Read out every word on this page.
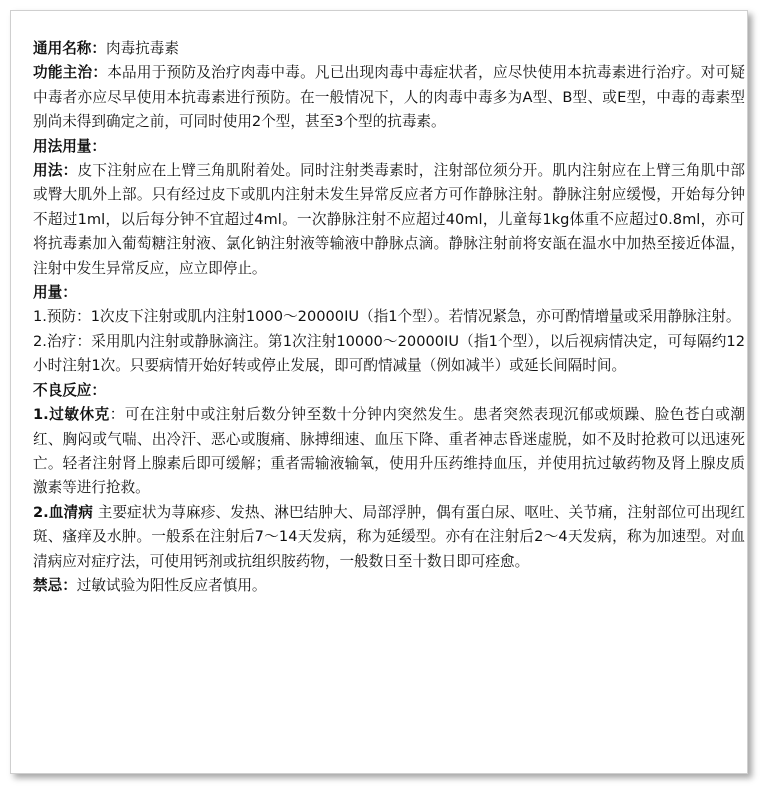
通用名称：肉毒抗毒素

功能主治：本品用于预防及治疗肉毒中毒。凡已出现肉毒中毒症状者，应尽快使用本抗毒素进行治疗。对可疑中毒者亦应尽早使用本抗毒素进行预防。在一般情况下，人的肉毒中毒多为A型、B型、或E型，中毒的毒素型别尚未得到确定之前，可同时使用2个型，甚至3个型的抗毒素。

用法用量：

用法：皮下注射应在上臂三角肌附着处。同时注射类毒素时，注射部位须分开。肌内注射应在上臂三角肌中部或臀大肌外上部。只有经过皮下或肌内注射未发生异常反应者方可作静脉注射。静脉注射应缓慢，开始每分钟不超过1ml，以后每分钟不宜超过4ml。一次静脉注射不应超过40ml，儿童每1kg体重不应超过0.8ml，亦可将抗毒素加入葡萄糖注射液、氯化钠注射液等输液中静脉点滴。静脉注射前将安瓿在温水中加热至接近体温，注射中发生异常反应，应立即停止。

用量：

1.预防：1次皮下注射或肌内注射1000～20000IU（指1个型）。若情况紧急，亦可酌情增量或采用静脉注射。

2.治疗：采用肌内注射或静脉滴注。第1次注射10000～20000IU（指1个型），以后视病情决定，可每隔约12小时注射1次。只要病情开始好转或停止发展，即可酌情减量（例如减半）或延长间隔时间。

不良反应：

1.过敏休克：可在注射中或注射后数分钟至数十分钟内突然发生。患者突然表现沉郁或烦躁、脸色苍白或潮红、胸闷或气喘、出冷汗、恶心或腹痛、脉搏细速、血压下降、重者神志昏迷虚脱，如不及时抢救可以迅速死亡。轻者注射肾上腺素后即可缓解；重者需输液输氧，使用升压药维持血压，并使用抗过敏药物及肾上腺皮质激素等进行抢救。

2.血清病 主要症状为荨麻疹、发热、淋巴结肿大、局部浮肿，偶有蛋白尿、呕吐、关节痛，注射部位可出现红斑、瘙痒及水肿。一般系在注射后7～14天发病，称为延缓型。亦有在注射后2～4天发病，称为加速型。对血清病应对症疗法，可使用钙剂或抗组织胺药物，一般数日至十数日即可痊愈。

禁忌：过敏试验为阳性反应者慎用。
